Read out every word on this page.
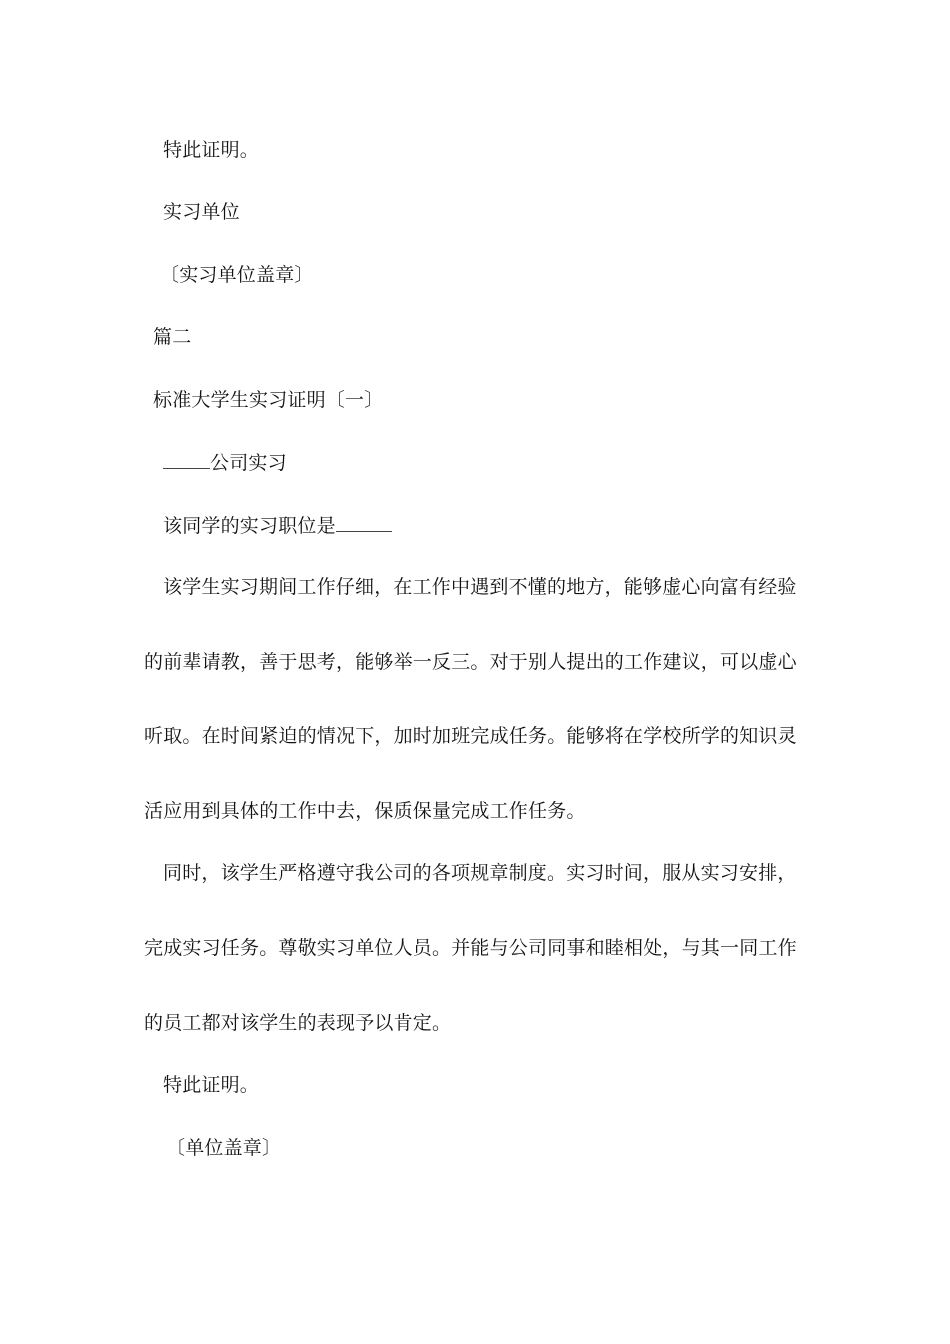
特此证明。
实习单位
〔实习单位盖章〕
篇二
标准大学生实习证明〔一〕
公司实习
该同学的实习职位是
该学生实习期间工作仔细，在工作中遇到不懂的地方，能够虚心向富有经验
的前辈请教，善于思考，能够举一反三。对于别人提出的工作建议，可以虚心
听取。在时间紧迫的情况下，加时加班完成任务。能够将在学校所学的知识灵
活应用到具体的工作中去，保质保量完成工作任务。
同时，该学生严格遵守我公司的各项规章制度。实习时间，服从实习安排，
完成实习任务。尊敬实习单位人员。并能与公司同事和睦相处，与其一同工作
的员工都对该学生的表现予以肯定。
特此证明。
〔单位盖章〕
